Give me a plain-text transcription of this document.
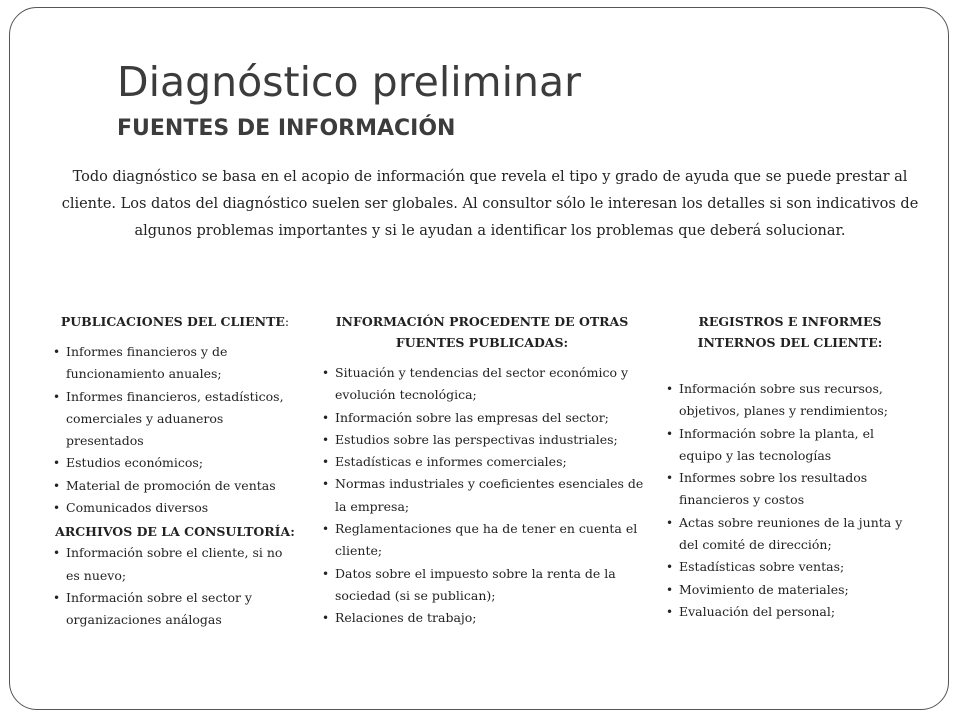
Diagnóstico preliminar
FUENTES DE INFORMACIÓN

Todo diagnóstico se basa en el acopio de información que revela el tipo y grado de ayuda que se puede prestar al cliente. Los datos del diagnóstico suelen ser globales. Al consultor sólo le interesan los detalles si son indicativos de algunos problemas importantes y si le ayudan a identificar los problemas que deberá solucionar.

PUBLICACIONES DEL CLIENTE:
• Informes financieros y de funcionamiento anuales;
• Informes financieros, estadísticos, comerciales y aduaneros presentados
• Estudios económicos;
• Material de promoción de ventas
• Comunicados diversos
ARCHIVOS DE LA CONSULTORÍA:
• Información sobre el cliente, si no es nuevo;
• Información sobre el sector y organizaciones análogas
INFORMACIÓN PROCEDENTE DE OTRAS FUENTES PUBLICADAS:
• Situación y tendencias del sector económico y evolución tecnológica;
• Información sobre las empresas del sector;
• Estudios sobre las perspectivas industriales;
• Estadísticas e informes comerciales;
• Normas industriales y coeficientes esenciales de la empresa;
• Reglamentaciones que ha de tener en cuenta el cliente;
• Datos sobre el impuesto sobre la renta de la sociedad (si se publican);
• Relaciones de trabajo;
REGISTROS E INFORMES INTERNOS DEL CLIENTE:
• Información sobre sus recursos, objetivos, planes y rendimientos;
• Información sobre la planta, el equipo y las tecnologías
• Informes sobre los resultados financieros y costos
• Actas sobre reuniones de la junta y del comité de dirección;
• Estadísticas sobre ventas;
• Movimiento de materiales;
• Evaluación del personal;
